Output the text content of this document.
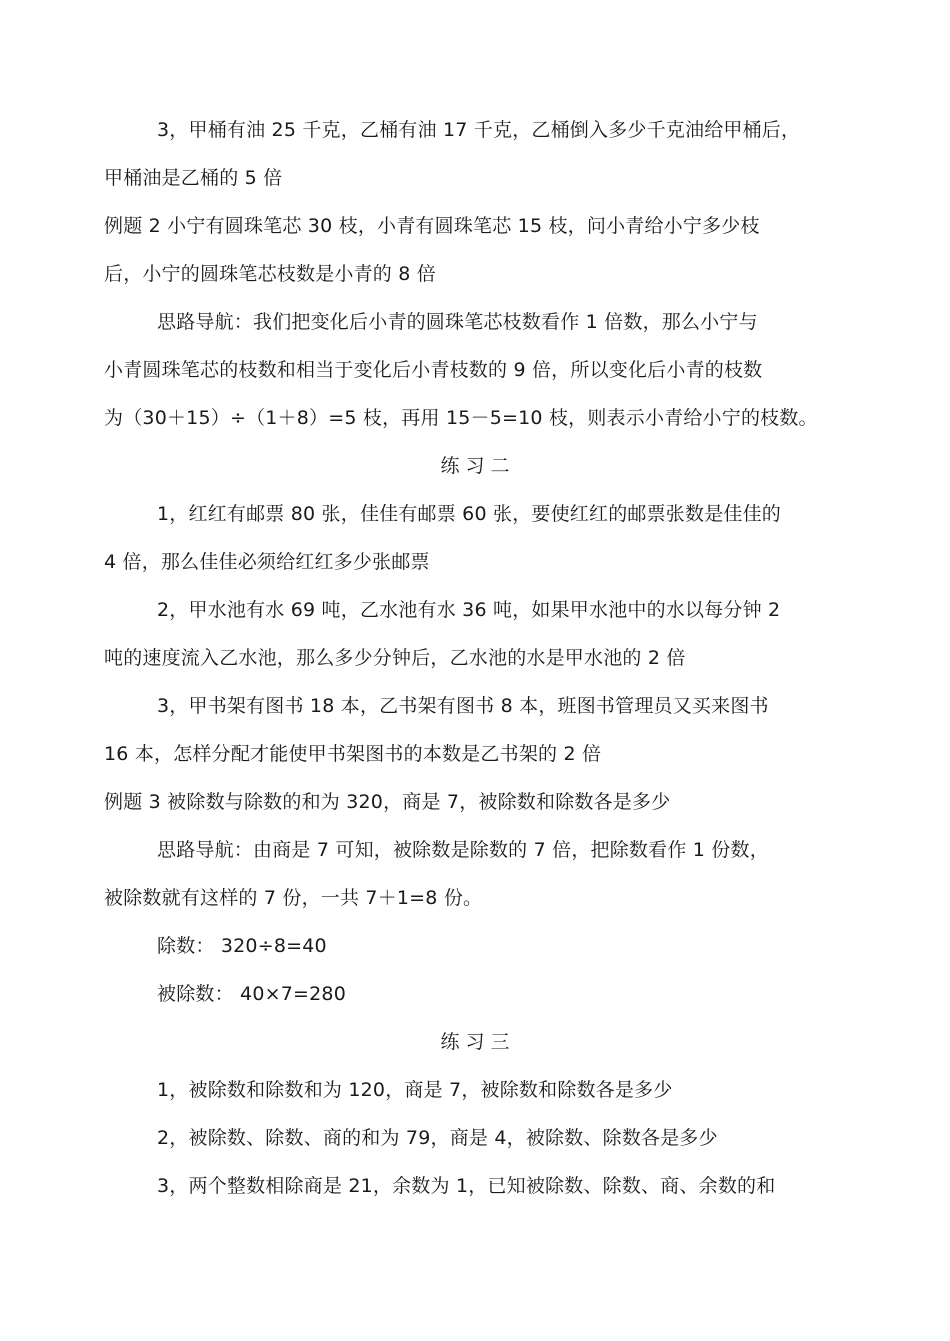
3，甲桶有油 25 千克，乙桶有油 17 千克，乙桶倒入多少千克油给甲桶后，
甲桶油是乙桶的 5 倍
例题 2 小宁有圆珠笔芯 30 枝，小青有圆珠笔芯 15 枝，问小青给小宁多少枝
后，小宁的圆珠笔芯枝数是小青的 8 倍
思路导航：我们把变化后小青的圆珠笔芯枝数看作 1 倍数，那么小宁与
小青圆珠笔芯的枝数和相当于变化后小青枝数的 9 倍，所以变化后小青的枝数
为（30＋15）÷（1＋8）=5 枝，再用 15－5=10 枝，则表示小青给小宁的枝数。
练 习 二
1，红红有邮票 80 张，佳佳有邮票 60 张，要使红红的邮票张数是佳佳的
4 倍，那么佳佳必须给红红多少张邮票
2，甲水池有水 69 吨，乙水池有水 36 吨，如果甲水池中的水以每分钟 2
吨的速度流入乙水池，那么多少分钟后，乙水池的水是甲水池的 2 倍
3，甲书架有图书 18 本，乙书架有图书 8 本，班图书管理员又买来图书
16 本，怎样分配才能使甲书架图书的本数是乙书架的 2 倍
例题 3 被除数与除数的和为 320，商是 7，被除数和除数各是多少
思路导航：由商是 7 可知，被除数是除数的 7 倍，把除数看作 1 份数，
被除数就有这样的 7 份，一共 7＋1=8 份。
除数： 320÷8=40
被除数： 40×7=280
练 习 三
1，被除数和除数和为 120，商是 7，被除数和除数各是多少
2，被除数、除数、商的和为 79，商是 4，被除数、除数各是多少
3，两个整数相除商是 21，余数为 1，已知被除数、除数、商、余数的和
